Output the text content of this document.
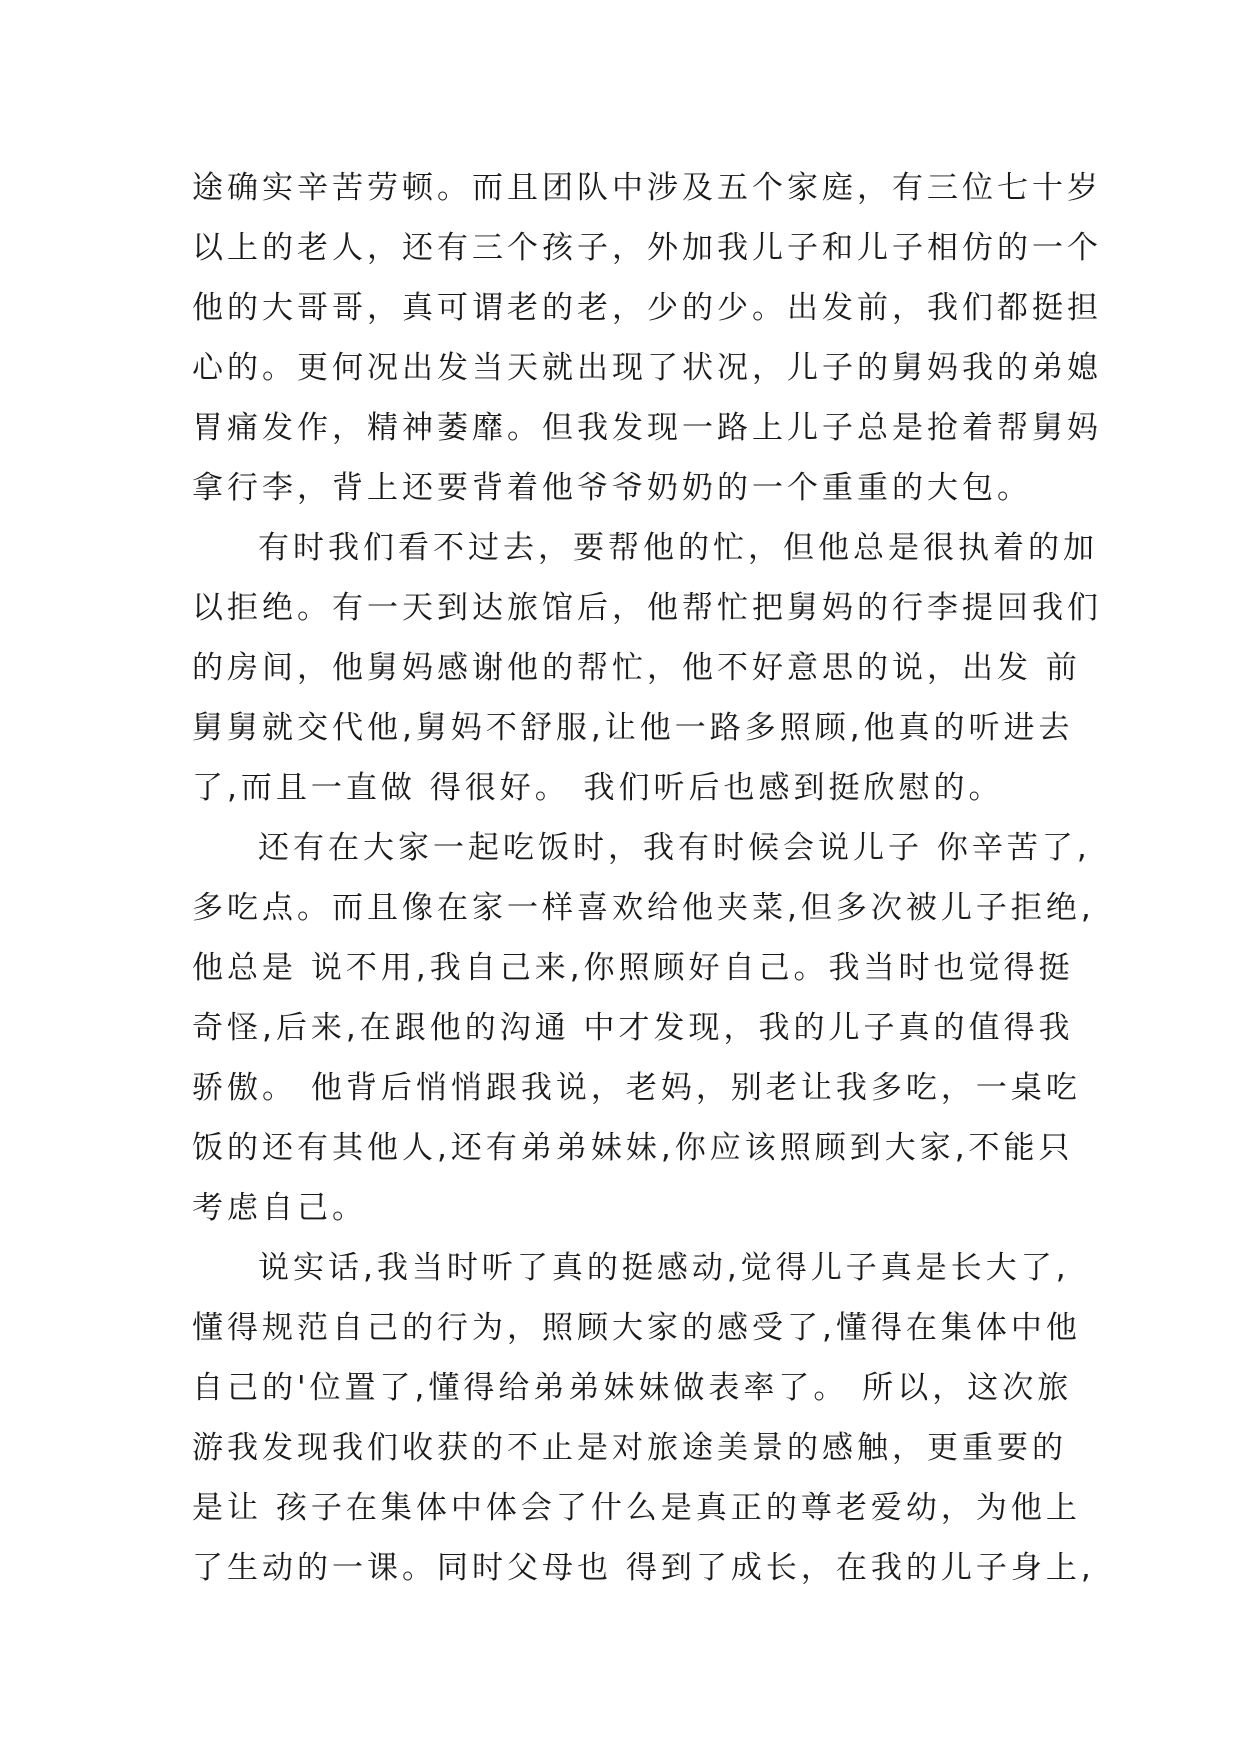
途确实辛苦劳顿。而且团队中涉及五个家庭，有三位七十岁
以上的老人，还有三个孩子，外加我儿子和儿子相仿的一个
他的大哥哥，真可谓老的老，少的少。出发前，我们都挺担
心的。更何况出发当天就出现了状况，儿子的舅妈我的弟媳
胃痛发作，精神萎靡。但我发现一路上儿子总是抢着帮舅妈
拿行李，背上还要背着他爷爷奶奶的一个重重的大包。
有时我们看不过去，要帮他的忙，但他总是很执着的加
以拒绝。有一天到达旅馆后，他帮忙把舅妈的行李提回我们
的房间，他舅妈感谢他的帮忙，他不好意思的说，出发 前
舅舅就交代他,舅妈不舒服,让他一路多照顾,他真的听进去
了,而且一直做 得很好。 我们听后也感到挺欣慰的。
还有在大家一起吃饭时，我有时候会说儿子 你辛苦了,
多吃点。而且像在家一样喜欢给他夹菜,但多次被儿子拒绝,
他总是 说不用,我自己来,你照顾好自己。我当时也觉得挺
奇怪,后来,在跟他的沟通 中才发现，我的儿子真的值得我
骄傲。 他背后悄悄跟我说，老妈，别老让我多吃，一桌吃
饭的还有其他人,还有弟弟妹妹,你应该照顾到大家,不能只
考虑自己。
说实话,我当时听了真的挺感动,觉得儿子真是长大了,
懂得规范自己的行为，照顾大家的感受了,懂得在集体中他
自己的'位置了,懂得给弟弟妹妹做表率了。 所以，这次旅
游我发现我们收获的不止是对旅途美景的感触，更重要的
是让 孩子在集体中体会了什么是真正的尊老爱幼，为他上
了生动的一课。同时父母也 得到了成长，在我的儿子身上,
